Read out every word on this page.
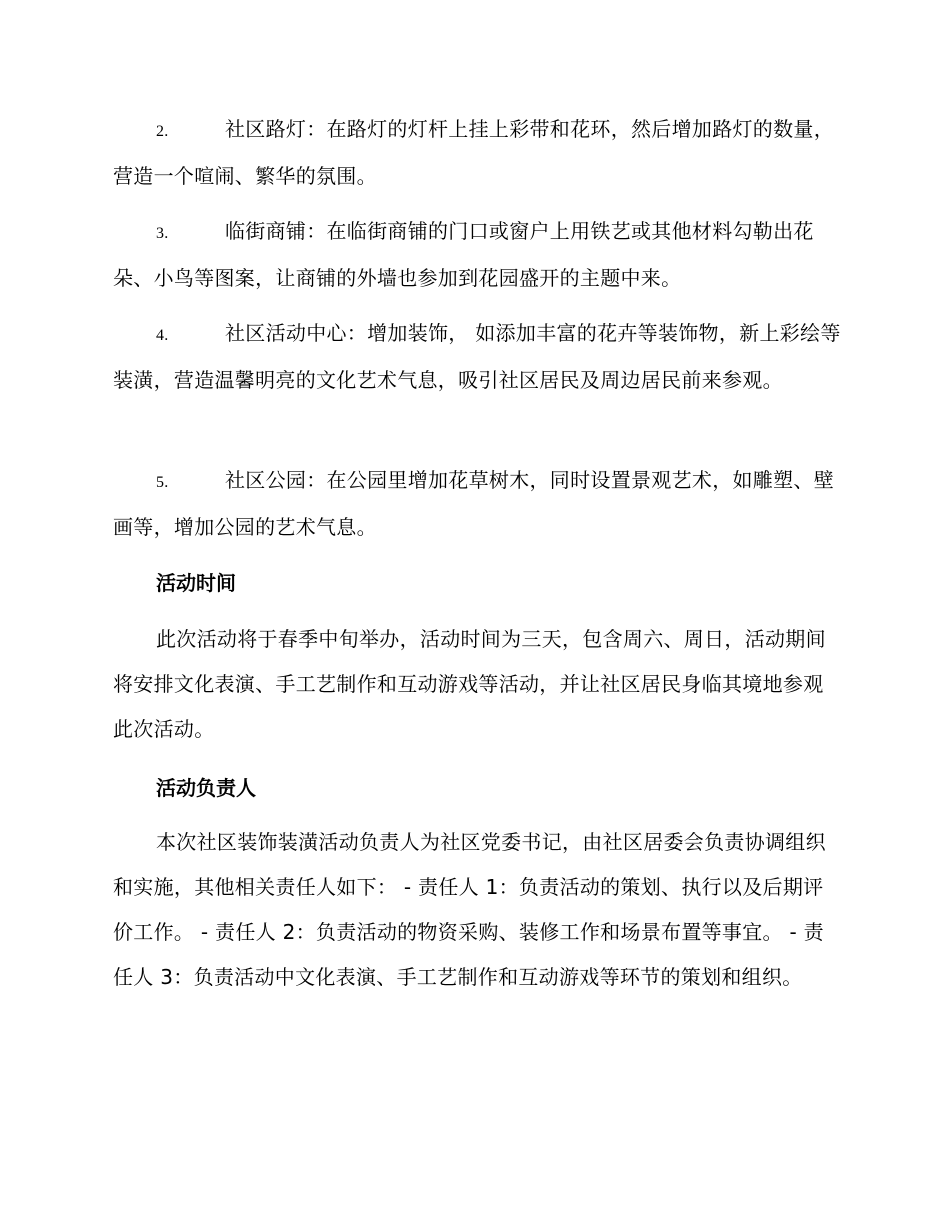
2.	社区路灯：在路灯的灯杆上挂上彩带和花环，然后增加路灯的数量，营造一个喧闹、繁华的氛围。
3.	临街商铺：在临街商铺的门口或窗户上用铁艺或其他材料勾勒出花朵、小鸟等图案，让商铺的外墙也参加到花园盛开的主题中来。
4.	社区活动中心：增加装饰， 如添加丰富的花卉等装饰物，新上彩绘等装潢，营造温馨明亮的文化艺术气息，吸引社区居民及周边居民前来参观。
5.	社区公园：在公园里增加花草树木，同时设置景观艺术，如雕塑、壁画等，增加公园的艺术气息。
活动时间
此次活动将于春季中旬举办，活动时间为三天，包含周六、周日，活动期间将安排文化表演、手工艺制作和互动游戏等活动，并让社区居民身临其境地参观此次活动。
活动负责人
本次社区装饰装潢活动负责人为社区党委书记，由社区居委会负责协调组织和实施，其他相关责任人如下： - 责任人 1：负责活动的策划、执行以及后期评价工作。 - 责任人 2：负责活动的物资采购、装修工作和场景布置等事宜。 - 责任人 3：负责活动中文化表演、手工艺制作和互动游戏等环节的策划和组织。
